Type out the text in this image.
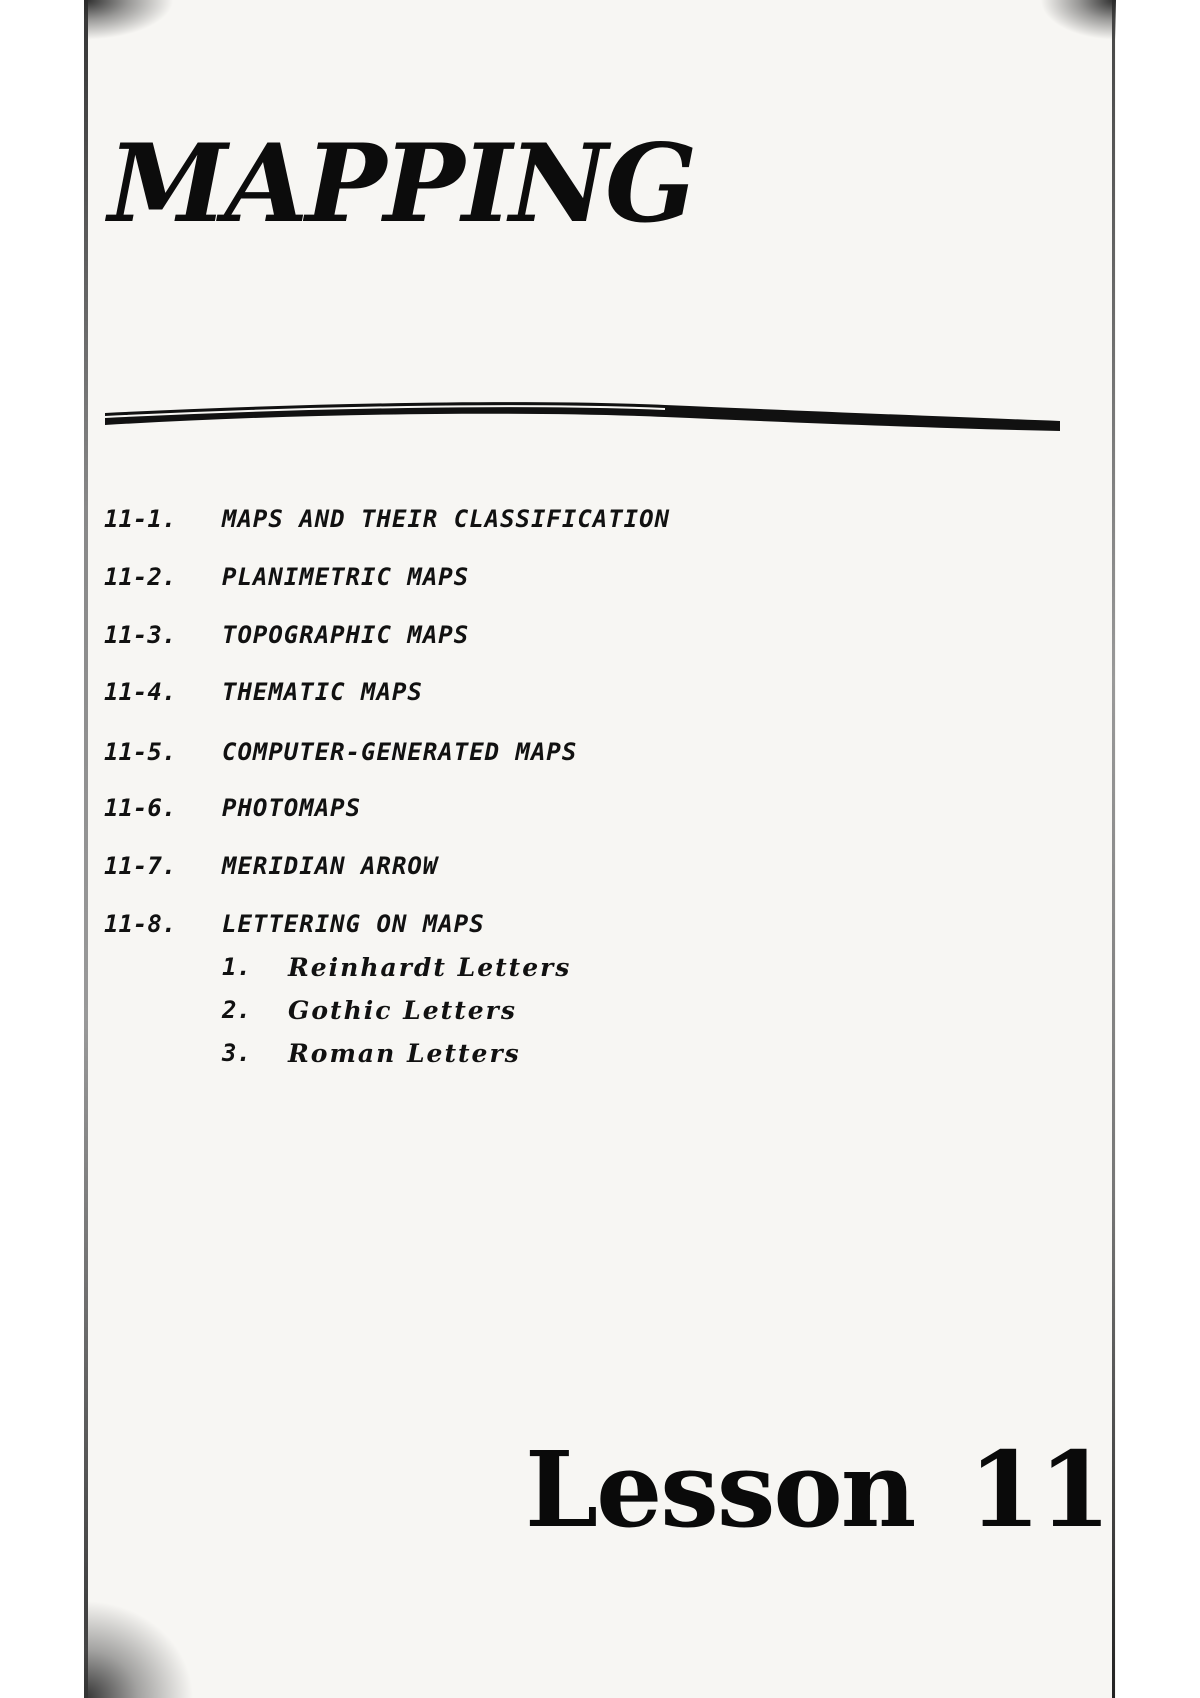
MAPPING
11-1.	MAPS AND THEIR CLASSIFICATION
11-2.	PLANIMETRIC MAPS
11-3.	TOPOGRAPHIC MAPS
11-4.	THEMATIC MAPS
11-5.	COMPUTER-GENERATED MAPS
11-6.	PHOTOMAPS
11-7.	MERIDIAN ARROW
11-8.	LETTERING ON MAPS
1. Reinhardt Letters
2. Gothic Letters
3. Roman Letters
Lesson 11
